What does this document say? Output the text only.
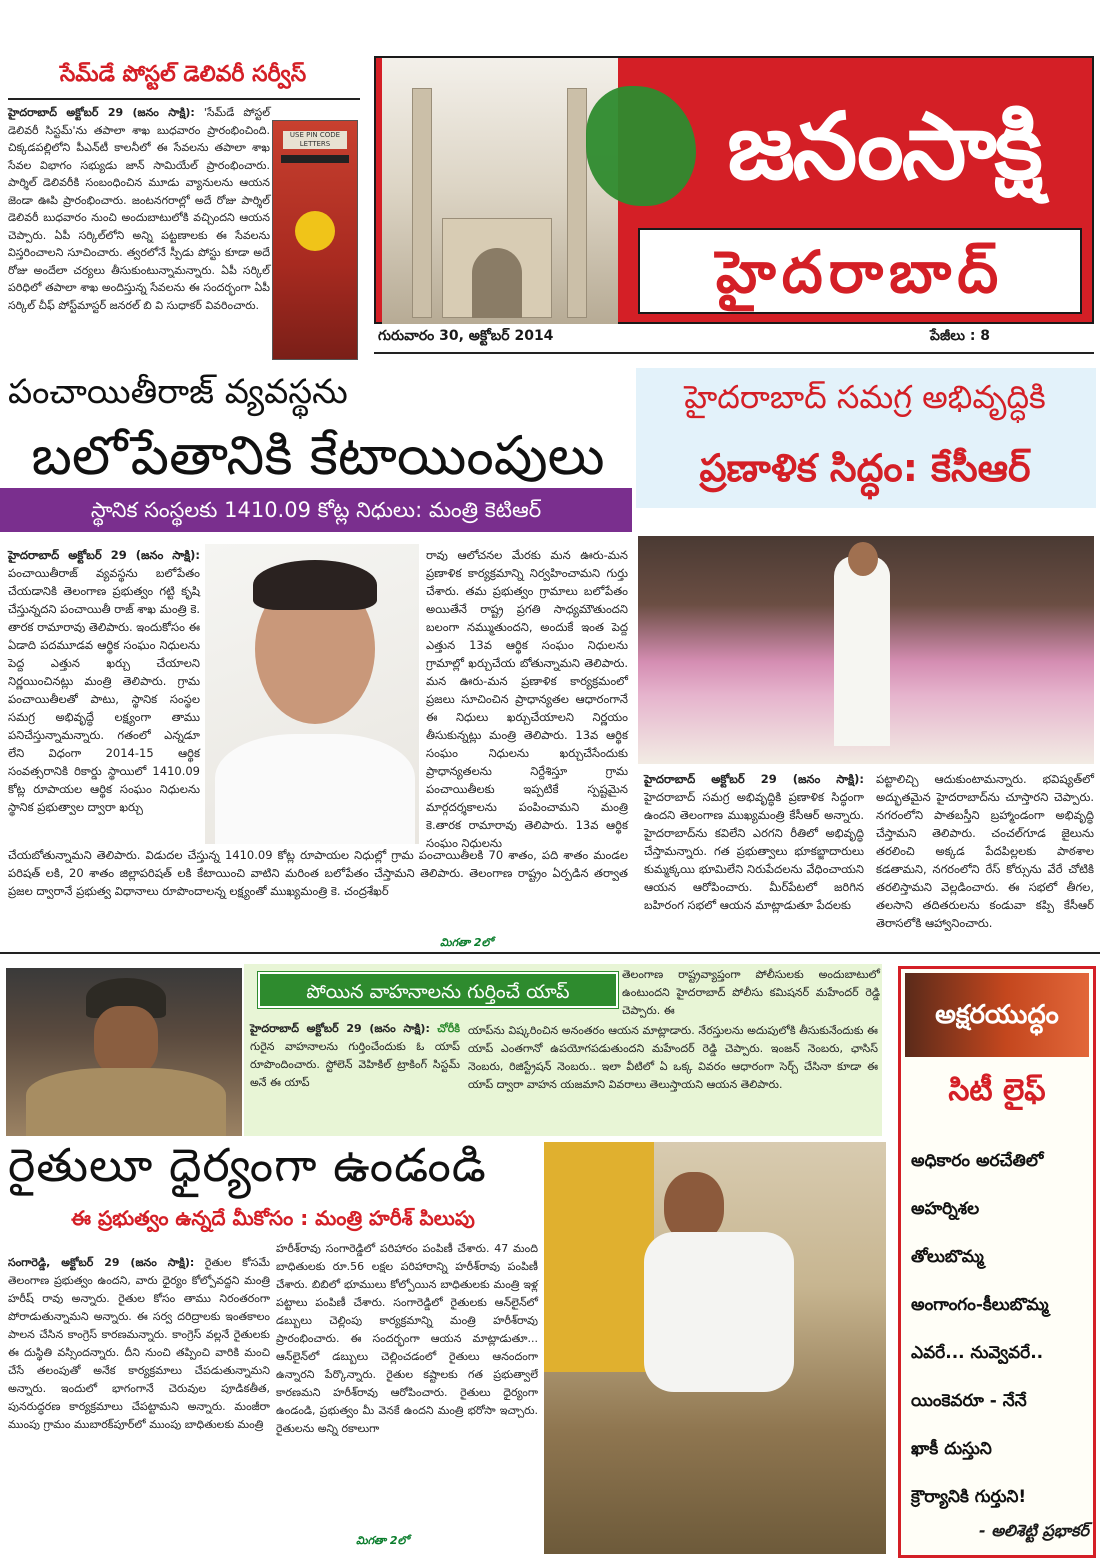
సేమ్‌డే పోస్టల్ డెలివరీ సర్వీస్
హైదరాబాద్ అక్టోబర్ 29 (జనం సాక్షి): 'సేమ్‌డే పోస్టల్ డెలివరీ సిస్టమ్'ను తపాలా శాఖ బుధవారం ప్రారంభించింది. చిక్కడపల్లిలోని పీఎన్‌టీ కాలనీలో ఈ సేవలను తపాలా శాఖ సేవల విభాగం సభ్యుడు జాన్ సామియేల్ ప్రారంభించారు. పార్శిల్ డెలివరీకి సంబంధించిన మూడు వ్యానులను ఆయన జెండా ఊపి ప్రారంభించారు. జంటనగరాల్లో అదే రోజు పార్శిల్ డెలివరీ బుధవారం నుంచి అందుబాటులోకి వచ్చిందని ఆయన చెప్పారు. ఏపీ సర్కిల్‌లోని అన్ని పట్టణాలకు ఈ సేవలను విస్తరించాలని సూచించారు. త్వరలోనే స్పీడు పోస్టు కూడా అదే రోజు అందేలా చర్యలు తీసుకుంటున్నామన్నారు. ఏపీ సర్కిల్ పరిధిలో తపాలా శాఖ అందిస్తున్న సేవలను ఈ సందర్భంగా ఏపీ సర్కిల్ చీఫ్ పోస్ట్‌మాస్టర్ జనరల్ బి వి సుధాకర్ వివరించారు.
USE PIN CODE
LETTERS	జనంసాక్షి
హైదరాబాద్
గురువారం 30, అక్టోబర్ 2014	పేజీలు : 8
పంచాయితీరాజ్ వ్యవస్థను
బలోపేతానికి కేటాయింపులు
స్థానిక సంస్థలకు 1410.09 కోట్ల నిధులు: మంత్రి కెటిఆర్
హైదరాబాద్ అక్టోబర్ 29 (జనం సాక్షి): పంచాయితీరాజ్ వ్యవస్థను బలోపేతం చేయడానికి తెలంగాణ ప్రభుత్వం గట్టి కృషి చేస్తున్నదని పంచాయితీ రాజ్ శాఖ మంత్రి కె. తారక రామారావు తెలిపారు. ఇందుకోసం ఈ ఏడాది పదమూడవ ఆర్థిక సంఘం నిధులను పెద్ద ఎత్తున ఖర్చు చేయాలని నిర్ణయించినట్లు మంత్రి తెలిపారు. గ్రామ పంచాయితీలతో పాటు, స్థానిక సంస్థల సమగ్ర అభివృద్ధే లక్ష్యంగా తాము పనిచేస్తున్నామన్నారు. గతంలో ఎన్నడూ లేని విధంగా 2014-15 ఆర్థిక సంవత్సరానికి రికార్డు స్థాయిలో 1410.09 కోట్ల రూపాయల ఆర్థిక సంఘం నిధులను స్థానిక ప్రభుత్వాల ద్వారా ఖర్చు
చేయబోతున్నామని తెలిపారు. విడుదల చేస్తున్న 1410.09 కోట్ల రూపాయల నిధుల్లో గ్రామ పంచాయితీలకి 70 శాతం, పది శాతం మండల పరిషత్ లకి, 20 శాతం జిల్లాపరిషత్ లకి కేటాయించి వాటిని మరింత బలోపేతం చేస్తామని తెలిపారు. తెలంగాణ రాష్ట్రం ఏర్పడిన తర్వాత ప్రజల ద్వారానే ప్రభుత్వ విధానాలు రూపొందాలన్న లక్ష్యంతో ముఖ్యమంత్రి కె. చంద్రశేఖర్
రావు ఆలోచనల మేరకు మన ఊరు-మన ప్రణాళిక కార్యక్రమాన్ని నిర్వహించామని గుర్తు చేశారు. తమ ప్రభుత్వం గ్రామాలు బలోపేతం అయితేనే రాష్ట్ర ప్రగతి సాధ్యమౌతుందని బలంగా నమ్ముతుందని, అందుకే ఇంత పెద్ద ఎత్తున 13వ ఆర్థిక సంఘం నిధులను గ్రామాల్లో ఖర్చుచేయ బోతున్నామని తెలిపారు. మన ఊరు-మన ప్రణాళిక కార్యక్రమంలో ప్రజలు సూచించిన ప్రాధాన్యతల ఆధారంగానే ఈ నిధులు ఖర్చుచేయాలని నిర్ణయం తీసుకున్నట్లు మంత్రి తెలిపారు. 13వ ఆర్థిక సంఘం నిధులను ఖర్చుచేసేందుకు ప్రాధాన్యతలను నిర్దేశిస్తూ గ్రామ పంచాయితీలకు ఇప్పటికే స్పష్టమైన మార్గదర్శకాలను పంపించామని మంత్రి కె.తారక రామారావు తెలిపారు. 13వ ఆర్థిక సంఘం నిధులను
మిగతా 2లో
హైదరాబాద్ సమగ్ర అభివృద్ధికి
ప్రణాళిక సిద్ధం: కేసీఆర్
హైదరాబాద్ అక్టోబర్ 29 (జనం సాక్షి): హైదరాబాద్ సమగ్ర అభివృద్ధికి ప్రణాళిక సిద్ధంగా ఉందని తెలంగాణ ముఖ్యమంత్రి కేసీఆర్ అన్నారు. హైదరాబాద్‌ను కవిలేని ఎరగని రీతిలో అభివృద్ధి చేస్తామన్నారు. గత ప్రభుత్వాలు భూకబ్జాదారులు కుమ్మక్కయి భూమిలేని నిరుపేదలను వేధించాయని ఆయన ఆరోపించారు. మీర్‌పేటలో జరిగిన బహిరంగ సభలో ఆయన మాట్లాడుతూ పేదలకు
పట్టాలిచ్చి ఆదుకుంటామన్నారు. భవిష్యత్‌లో అద్భుతమైన హైదరాబాద్‌ను చూస్తారని చెప్పారు. నగరంలోని పాతబస్తీని బ్రహ్మాండంగా అభివృద్ధి చేస్తామని తెలిపారు. చంచల్‌గూడ జైలును తరలించి అక్కడ పేదపిల్లలకు పాఠశాల కడతామని, నగరంలోని రేస్ కోర్సును వేరే చోటికి తరలిస్తామని వెల్లడించారు. ఈ సభలో తీగల, తలసాని తదితరులను కండువా కప్పి కేసీఆర్ తెరాసలోకి ఆహ్వానించారు.
పోయిన వాహనాలను గుర్తించే యాప్
తెలంగాణ రాష్ట్రవ్యాప్తంగా పోలీసులకు అందుబాటులో ఉంటుందని హైదరాబాద్ పోలీసు కమిషనర్ మహేందర్ రెడ్డి చెప్పారు. ఈ
హైదరాబాద్ అక్టోబర్ 29 (జనం సాక్షి): చోరీకి గురైన వాహనాలను గుర్తించేందుకు ఓ యాప్ రూపొందించారు. స్టోలెన్ వెహికిల్ ట్రాకింగ్ సిస్టమ్ అనే ఈ యాప్
యాప్‌ను విష్కరించిన అనంతరం ఆయన మాట్లాడారు. నేరస్తులను అదుపులోకి తీసుకునేందుకు ఈ యాప్ ఎంతగానో ఉపయోగపడుతుందని మహేందర్ రెడ్డి చెప్పారు. ఇంజన్ నెంబరు, ఛాసిస్ నెంబరు, రిజిస్ట్రేషన్ నెంబరు.. ఇలా వీటిలో ఏ ఒక్క వివరం ఆధారంగా సెర్చ్ చేసినా కూడా ఈ యాప్ ద్వారా వాహన యజమాని వివరాలు తెలుస్తాయని ఆయన తెలిపారు.
రైతులూ ధైర్యంగా ఉండండి
ఈ ప్రభుత్వం ఉన్నదే మీకోసం : మంత్రి హరీశ్ పిలుపు
సంగారెడ్డి, అక్టోబర్ 29 (జనం సాక్షి): రైతుల కోసమే తెలంగాణ ప్రభుత్వం ఉందని, వారు ధైర్యం కోల్పోవద్దని మంత్రి హరీష్ రావు అన్నారు. రైతుల కోసం తాము నిరంతరంగా పోరాడుతున్నామని అన్నారు. ఈ సర్వ దరిద్రాలకు ఇంతకాలం పాలన చేసిన కాంగ్రెస్ కారణమన్నారు. కాంగ్రెస్ వల్లనే రైతులకు ఈ దుస్థితి వస్సిందన్నారు. దీని నుంచి తప్పించి వారికి మంచి చేసే తలంపుతో అనేక కార్యక్రమాలు చేపడుతున్నామని అన్నారు. ఇందులో భాగంగానే చెరువుల పూడికతీత, పునరుద్ధరణ కార్యక్రమాలు చేపట్టామని అన్నారు. మంజీరా ముంపు గ్రామం ముబారక్‌పూర్‌లో ముంపు బాధితులకు మంత్రి
హరీశ్‌రావు సంగారెడ్డిలో పరిహారం పంపిణీ చేశారు. 47 మంది బాధితులకు రూ.56 లక్షల పరిహారాన్ని హరీశ్‌రావు పంపిణీ చేశారు. బిబిలో భూములు కోల్పోయిన బాధితులకు మంత్రి ఇళ్ల పట్టాలు పంపిణీ చేశారు. సంగారెడ్డిలో రైతులకు ఆన్‌లైన్‌లో డబ్బులు చెల్లింపు కార్యక్రమాన్ని మంత్రి హరీశ్‌రావు ప్రారంభించారు. ఈ సందర్భంగా ఆయన మాట్లాడుతూ... ఆన్‌లైన్‌లో డబ్బులు చెల్లించడంలో రైతులు ఆనందంగా ఉన్నారని పేర్కొన్నారు. రైతుల కష్టాలకు గత ప్రభుత్వాలే కారణమని హరీశ్‌రావు ఆరోపించారు. రైతులు ధైర్యంగా ఉండండి, ప్రభుత్వం మీ వెనకే ఉందని మంత్రి భరోసా ఇచ్చారు. రైతులను అన్ని రకాలుగా
మిగతా 2లో
అక్షరయుద్ధం
సిటీ లైఫ్
అధికారం అరచేతిలో
అహర్నిశల
తోలుబొమ్మ
అంగాంగం-కీలుబొమ్మ
ఎవరే... నువ్వెవరే..
యింకెవరూ - నేనే
ఖాకీ దుస్తుని
క్రౌర్యానికి గుర్తుని!
- అలిశెట్టి ప్రభాకర్
